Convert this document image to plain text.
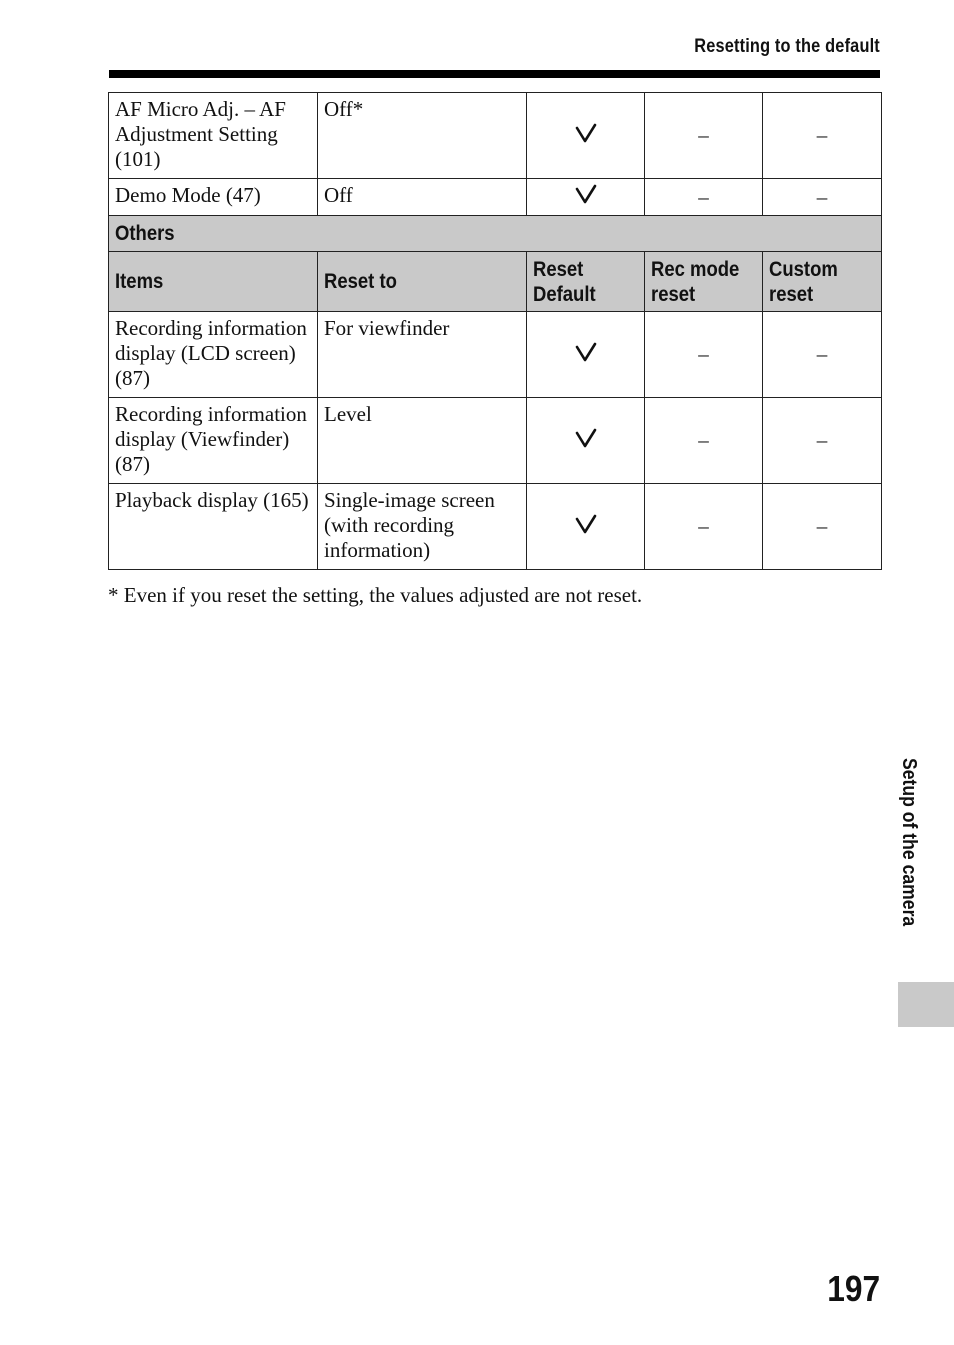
Resetting to the default
AF Micro Adj. – AF Adjustment Setting (101)	Off*		–	–
Demo Mode (47)	Off		–	–
Others				
Items	Reset to	Reset Default	Rec mode reset	Custom reset
Recording information display (LCD screen) (87)	For viewfinder		–	–
Recording information display (Viewfinder) (87)	Level		–	–
Playback display (165)	Single-image screen (with recording information)		–	–
* Even if you reset the setting, the values adjusted are not reset.
Setup of the camera
197
